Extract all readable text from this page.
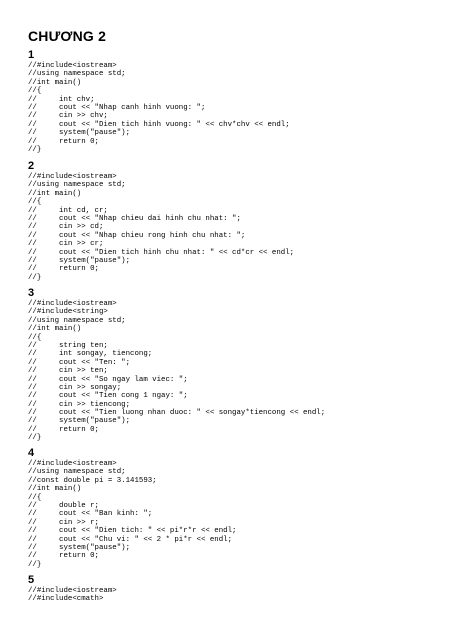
CHƯƠNG 2
1
//#include<iostream>
//using namespace std;
//int main()
//{
//     int chv;
//     cout << "Nhap canh hinh vuong: ";
//     cin >> chv;
//     cout << "Dien tich hinh vuong: " << chv*chv << endl;
//     system("pause");
//     return 0;
//}
2
//#include<iostream>
//using namespace std;
//int main()
//{
//     int cd, cr;
//     cout << "Nhap chieu dai hinh chu nhat: ";
//     cin >> cd;
//     cout << "Nhap chieu rong hinh chu nhat: ";
//     cin >> cr;
//     cout << "Dien tich hinh chu nhat: " << cd*cr << endl;
//     system("pause");
//     return 0;
//}
3
//#include<iostream>
//#include<string>
//using namespace std;
//int main()
//{
//     string ten;
//     int songay, tiencong;
//     cout << "Ten: ";
//     cin >> ten;
//     cout << "So ngay lam viec: ";
//     cin >> songay;
//     cout << "Tien cong 1 ngay: ";
//     cin >> tiencong;
//     cout << "Tien luong nhan duoc: " << songay*tiencong << endl;
//     system("pause");
//     return 0;
//}
4
//#include<iostream>
//using namespace std;
//const double pi = 3.141593;
//int main()
//{
//     double r;
//     cout << "Ban kinh: ";
//     cin >> r;
//     cout << "Dien tich: " << pi*r*r << endl;
//     cout << "Chu vi: " << 2 * pi*r << endl;
//     system("pause");
//     return 0;
//}
5
//#include<iostream>
//#include<cmath>
